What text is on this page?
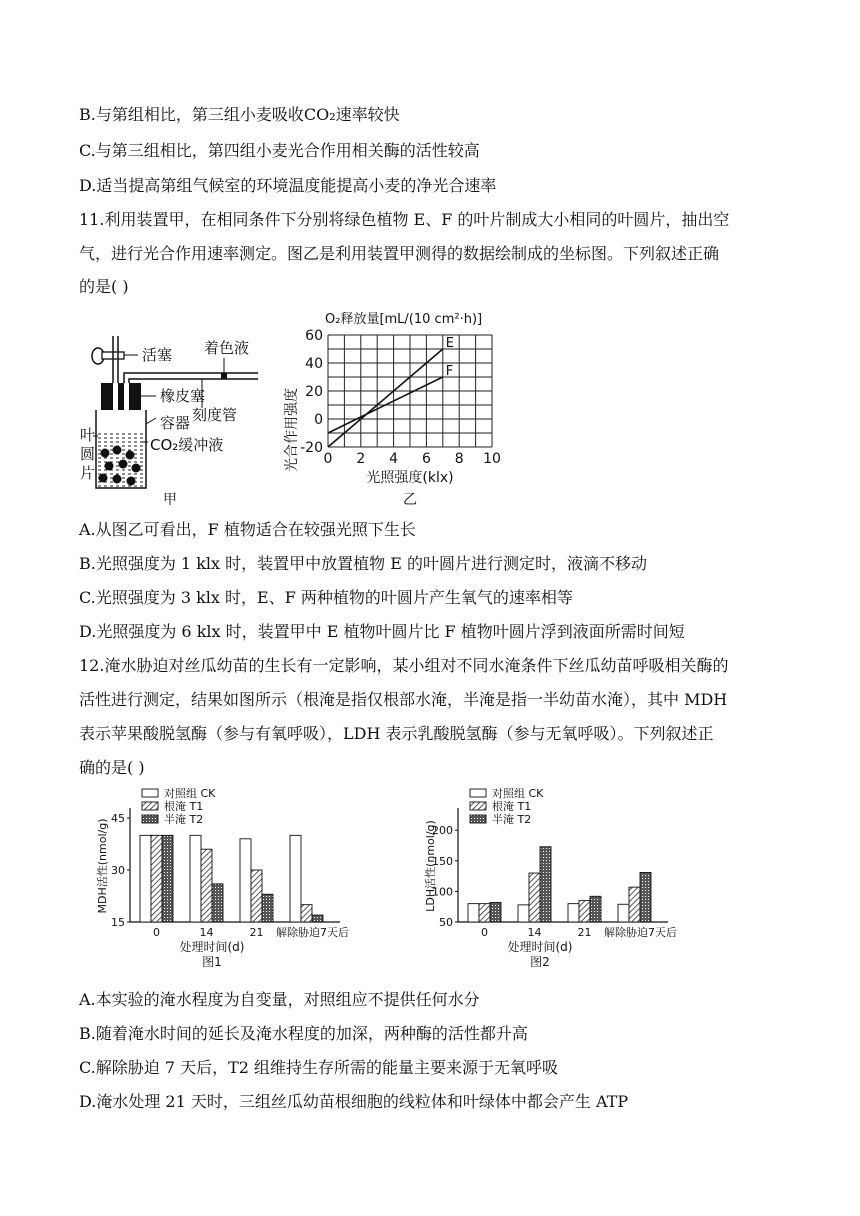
B.与第组相比，第三组小麦吸收CO₂速率较快
C.与第三组相比，第四组小麦光合作用相关酶的活性较高
D.适当提高第组气候室的环境温度能提高小麦的净光合速率
11.利用装置甲，在相同条件下分别将绿色植物 E、F 的叶片制成大小相同的叶圆片，抽出空
气，进行光合作用速率测定。图乙是利用装置甲测得的数据绘制成的坐标图。下列叙述正确
的是( )
A.从图乙可看出，F 植物适合在较强光照下生长
B.光照强度为 1 klx 时，装置甲中放置植物 E 的叶圆片进行测定时，液滴不移动
C.光照强度为 3 klx 时，E、F 两种植物的叶圆片产生氧气的速率相等
D.光照强度为 6 klx 时，装置甲中 E 植物叶圆片比 F 植物叶圆片浮到液面所需时间短
12.淹水胁迫对丝瓜幼苗的生长有一定影响，某小组对不同水淹条件下丝瓜幼苗呼吸相关酶的
活性进行测定，结果如图所示（根淹是指仅根部水淹，半淹是指一半幼苗水淹），其中 MDH
表示苹果酸脱氢酶（参与有氧呼吸），LDH 表示乳酸脱氢酶（参与无氧呼吸）。下列叙述正
确的是( )
A.本实验的淹水程度为自变量，对照组应不提供任何水分
B.随着淹水时间的延长及淹水程度的加深，两种酶的活性都升高
C.解除胁迫 7 天后，T2 组维持生存所需的能量主要来源于无氧呼吸
D.淹水处理 21 天时，三组丝瓜幼苗根细胞的线粒体和叶绿体中都会产生 ATP
活塞 着色液
橡皮塞
刻度管
容器
CO₂缓冲液
叶
圆
片
甲
O₂释放量[mL/(10 cm²·h)]
光合作用强度
光照强度(klx)
乙
0 2 4 6 8 10
-20
0
20
40
60	E
F
MDH活性(nmol/g)
处理时间(d)
图1
15
30
45
0	14	21 解除胁迫7天后
对照组 CK
根淹 T1
半淹 T2
LDH活性(nmol/g)
处理时间(d)
图2
50
100
150
200
0	14	21 解除胁迫7天后
对照组 CK
根淹 T1
半淹 T2
